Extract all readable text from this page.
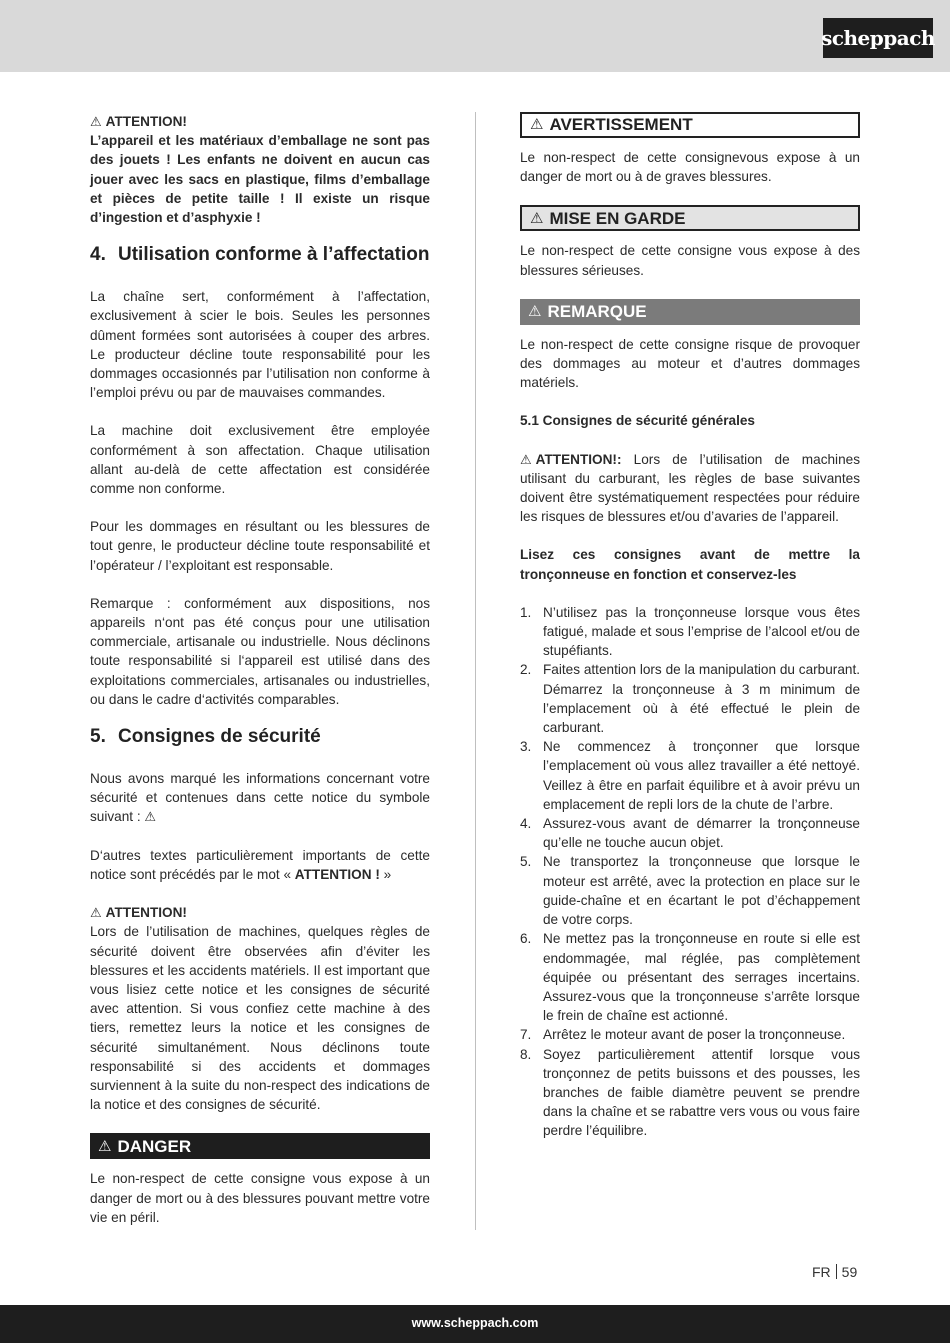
scheppach

⚠ ATTENTION!
L’appareil et les matériaux d’emballage ne sont pas des jouets ! Les enfants ne doivent en aucun cas jouer avec les sacs en plastique, films d’emballage et pièces de petite taille ! Il existe un risque d’ingestion et d’asphyxie !

4. Utilisation conforme à l’affectation

La chaîne sert, conformément à l’affectation, exclusivement à scier le bois. Seules les personnes dûment formées sont autorisées à couper des arbres. Le producteur décline toute responsabilité pour les dommages occasionnés par l’utilisation non conforme à l’emploi prévu ou par de mauvaises commandes.

La machine doit exclusivement être employée conformément à son affectation. Chaque utilisation allant au-delà de cette affectation est considérée comme non conforme.

Pour les dommages en résultant ou les blessures de tout genre, le producteur décline toute responsabilité et l’opérateur / l’exploitant est responsable.

Remarque : conformément aux dispositions, nos appareils n‘ont pas été conçus pour une utilisation commerciale, artisanale ou industrielle. Nous déclinons toute responsabilité si l‘appareil est utilisé dans des exploitations commerciales, artisanales ou industrielles, ou dans le cadre d‘activités comparables.

5. Consignes de sécurité

Nous avons marqué les informations concernant votre sécurité et contenues dans cette notice du symbole suivant : ⚠

D‘autres textes particulièrement importants de cette notice sont précédés par le mot « ATTENTION ! »

⚠ ATTENTION!
Lors de l’utilisation de machines, quelques règles de sécurité doivent être observées afin d’éviter les blessures et les accidents matériels. Il est important que vous lisiez cette notice et les consignes de sécurité avec attention. Si vous confiez cette machine à des tiers, remettez leurs la notice et les consignes de sécurité simultanément. Nous déclinons toute responsabilité si des accidents et dommages surviennent à la suite du non-respect des indications de la notice et des consignes de sécurité.

⚠ DANGER

Le non-respect de cette consigne vous expose à un danger de mort ou à des blessures pouvant mettre votre vie en péril.

⚠ AVERTISSEMENT

Le non-respect de cette consignevous expose à un danger de mort ou à de graves blessures.

⚠ MISE EN GARDE

Le non-respect de cette consigne vous expose à des blessures sérieuses.

⚠ REMARQUE

Le non-respect de cette consigne risque de provoquer des dommages au moteur et d’autres dommages matériels.

5.1 Consignes de sécurité générales

⚠ ATTENTION!: Lors de l’utilisation de machines utilisant du carburant, les règles de base suivantes doivent être systématiquement respectées pour réduire les risques de blessures et/ou d’avaries de l’appareil.

Lisez ces consignes avant de mettre la tronçonneuse en fonction et conservez-les

1. N’utilisez pas la tronçonneuse lorsque vous êtes fatigué, malade et sous l’emprise de l’alcool et/ou de stupéfiants.
2. Faites attention lors de la manipulation du carburant. Démarrez la tronçonneuse à 3 m minimum de l’emplacement où à été effectué le plein de carburant.
3. Ne commencez à tronçonner que lorsque l’emplacement où vous allez travailler a été nettoyé. Veillez à être en parfait équilibre et à avoir prévu un emplacement de repli lors de la chute de l’arbre.
4. Assurez-vous avant de démarrer la tronçonneuse qu’elle ne touche aucun objet.
5. Ne transportez la tronçonneuse que lorsque le moteur est arrêté, avec la protection en place sur le guide-chaîne et en écartant le pot d’échappement de votre corps.
6. Ne mettez pas la tronçonneuse en route si elle est endommagée, mal réglée, pas complètement équipée ou présentant des serrages incertains. Assurez-vous que la tronçonneuse s’arrête lorsque le frein de chaîne est actionné.
7. Arrêtez le moteur avant de poser la tronçonneuse.
8. Soyez particulièrement attentif lorsque vous tronçonnez de petits buissons et des pousses, les branches de faible diamètre peuvent se prendre dans la chaîne et se rabattre vers vous ou vous faire perdre l’équilibre.
FR 59
www.scheppach.com
